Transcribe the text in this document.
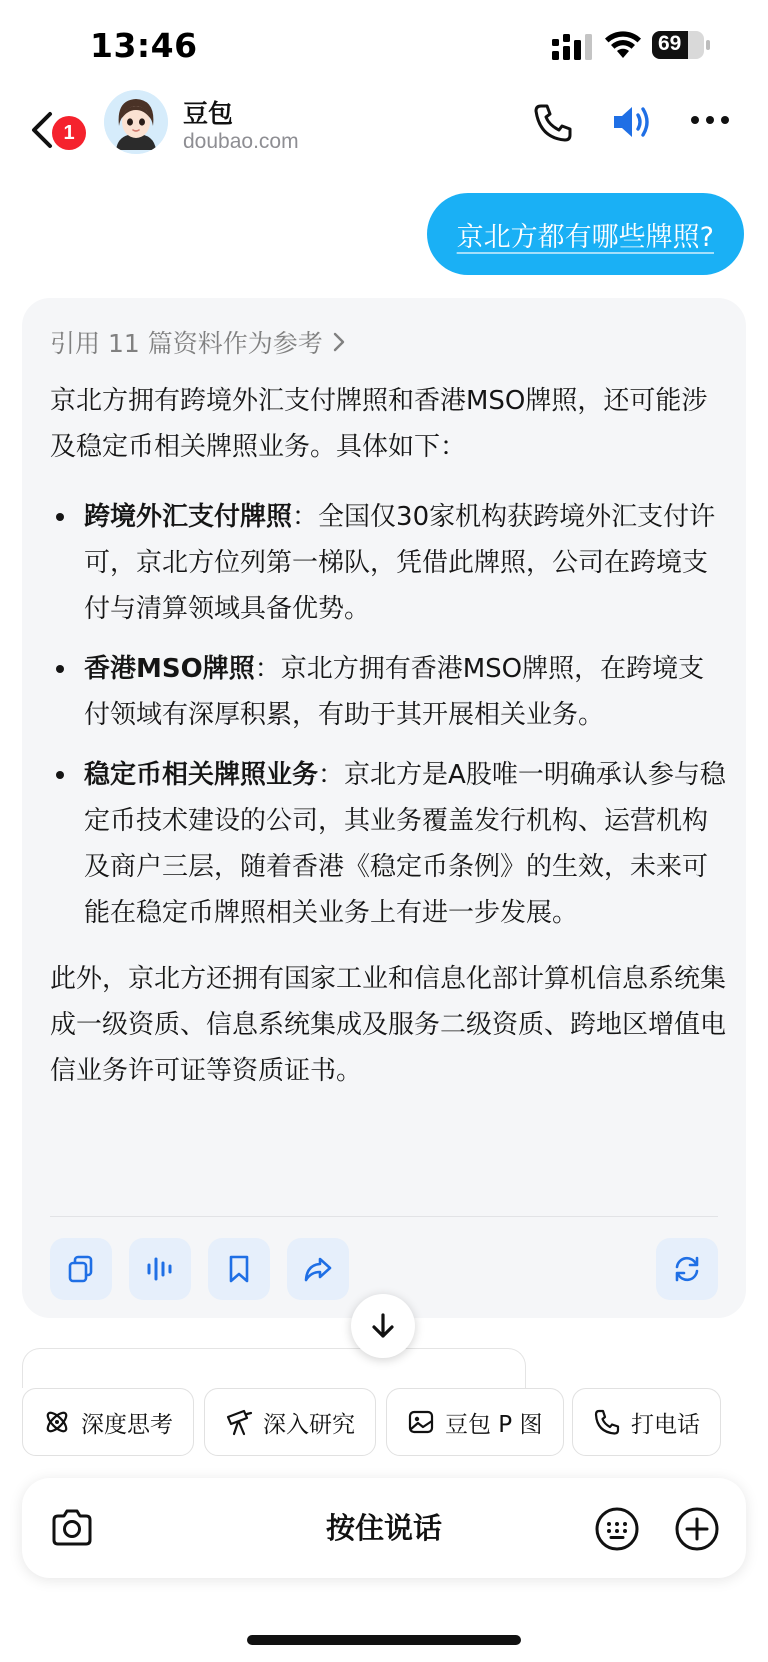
13:46	69
1
豆包
doubao.com
京北方都有哪些牌照?
引用 11 篇资料作为参考

京北方拥有跨境外汇支付牌照和香港MSO牌照，还可能涉及稳定币相关牌照业务。具体如下：

跨境外汇支付牌照：全国仅30家机构获跨境外汇支付许可，京北方位列第一梯队，凭借此牌照，公司在跨境支付与清算领域具备优势。
香港MSO牌照：京北方拥有香港MSO牌照，在跨境支付领域有深厚积累，有助于其开展相关业务。
稳定币相关牌照业务：京北方是A股唯一明确承认参与稳定币技术建设的公司，其业务覆盖发行机构、运营机构及商户三层，随着香港《稳定币条例》的生效，未来可能在稳定币牌照相关业务上有进一步发展。

此外，京北方还拥有国家工业和信息化部计算机信息系统集成一级资质、信息系统集成及服务二级资质、跨地区增值电信业务许可证等资质证书。

深度思考	深入研究	豆包 P 图	打电话
按住说话
